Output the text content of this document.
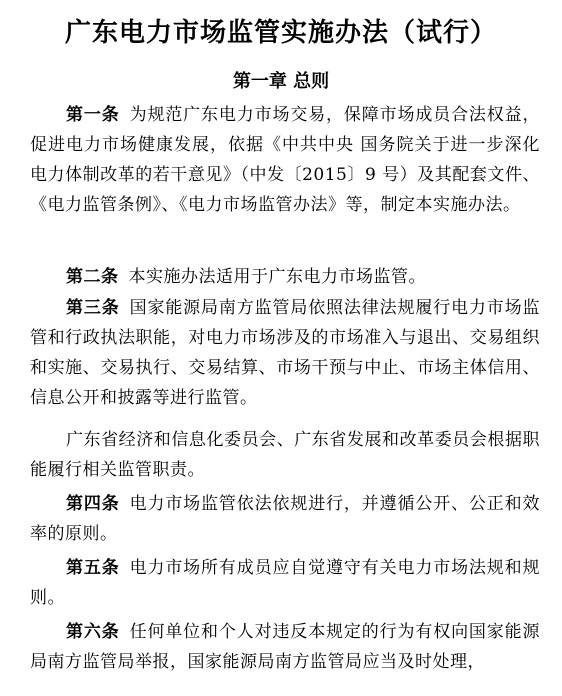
广东电力市场监管实施办法（试行）
第一章 总则
第一条 为规范广东电力市场交易，保障市场成员合法权益，促进电力市场健康发展，依据《中共中央 国务院关于进一步深化电力体制改革的若干意见》（中发〔2015〕9 号）及其配套文件、《电力监管条例》、《电力市场监管办法》等，制定本实施办法。
第二条 本实施办法适用于广东电力市场监管。
第三条 国家能源局南方监管局依照法律法规履行电力市场监管和行政执法职能，对电力市场涉及的市场准入与退出、交易组织和实施、交易执行、交易结算、市场干预与中止、市场主体信用、信息公开和披露等进行监管。
广东省经济和信息化委员会、广东省发展和改革委员会根据职能履行相关监管职责。
第四条 电力市场监管依法依规进行，并遵循公开、公正和效率的原则。
第五条 电力市场所有成员应自觉遵守有关电力市场法规和规则。
第六条 任何单位和个人对违反本规定的行为有权向国家能源局南方监管局举报，国家能源局南方监管局应当及时处理，
